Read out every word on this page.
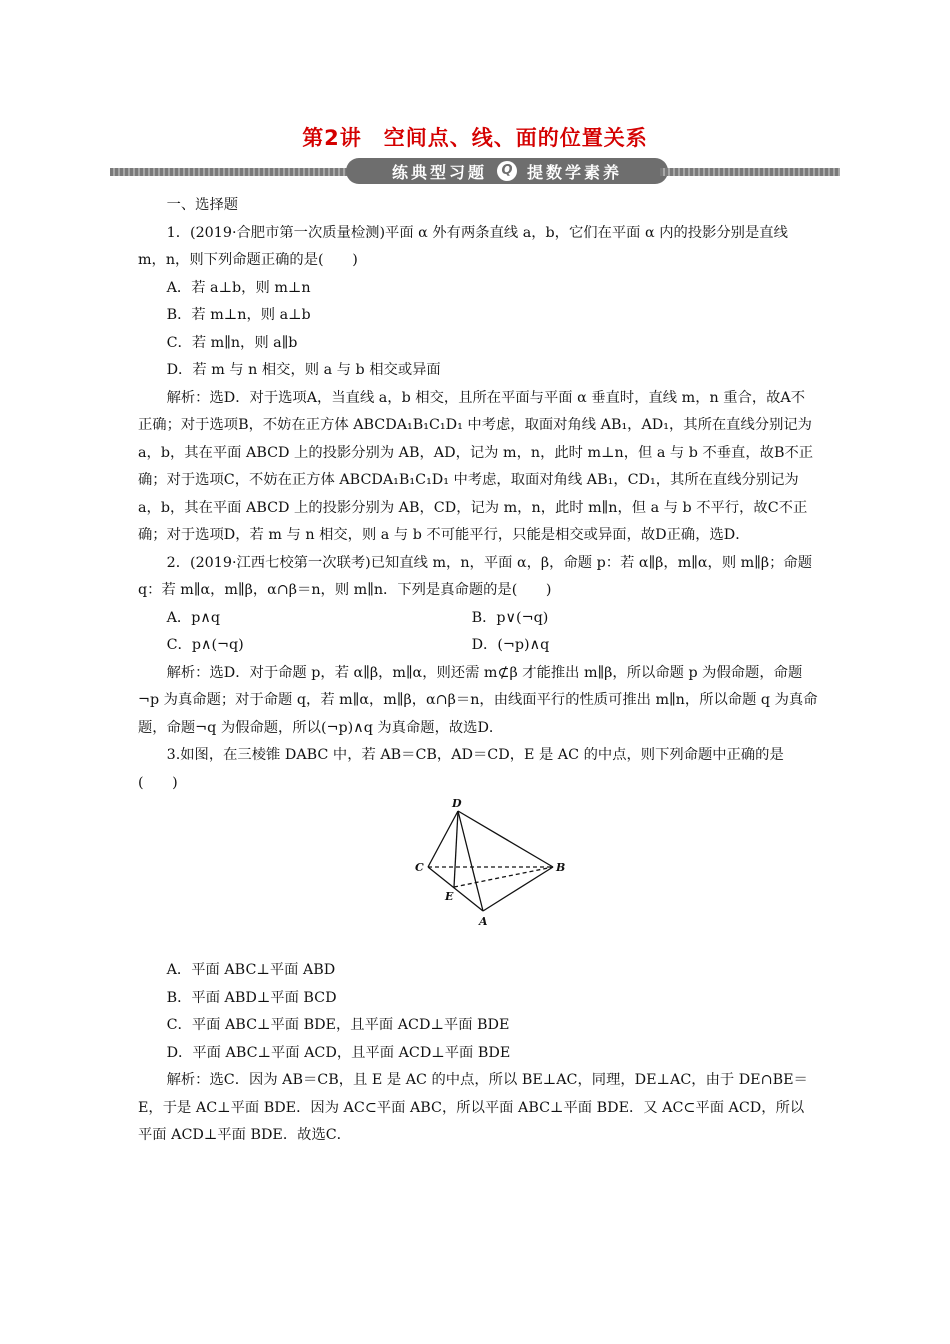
第2讲　空间点、线、面的位置关系
练典型习题	Q 提数学素养

一、选择题

1．(2019·合肥市第一次质量检测)平面 α 外有两条直线 a，b，它们在平面 α 内的投影分别是直线 m，n，则下列命题正确的是(　　)

A．若 a⊥b，则 m⊥n

B．若 m⊥n，则 a⊥b

C．若 m∥n，则 a∥b

D．若 m 与 n 相交，则 a 与 b 相交或异面

解析：选D．对于选项A，当直线 a，b 相交，且所在平面与平面 α 垂直时，直线 m，n 重合，故A不正确；对于选项B，不妨在正方体 ABCDA₁B₁C₁D₁ 中考虑，取面对角线 AB₁，AD₁，其所在直线分别记为 a，b，其在平面 ABCD 上的投影分别为 AB，AD，记为 m，n，此时 m⊥n，但 a 与 b 不垂直，故B不正确；对于选项C，不妨在正方体 ABCDA₁B₁C₁D₁ 中考虑，取面对角线 AB₁，CD₁，其所在直线分别记为 a，b，其在平面 ABCD 上的投影分别为 AB，CD，记为 m，n，此时 m∥n，但 a 与 b 不平行，故C不正确；对于选项D，若 m 与 n 相交，则 a 与 b 不可能平行，只能是相交或异面，故D正确，选D．

2．(2019·江西七校第一次联考)已知直线 m，n，平面 α，β，命题 p：若 α∥β，m∥α，则 m∥β；命题 q：若 m∥α，m∥β，α∩β＝n，则 m∥n．下列是真命题的是(　　)

A．p∧q	B．p∨(¬q)
C．p∧(¬q)	D．(¬p)∧q

解析：选D．对于命题 p，若 α∥β，m∥α，则还需 m⊄β 才能推出 m∥β，所以命题 p 为假命题，命题¬p 为真命题；对于命题 q，若 m∥α，m∥β，α∩β＝n，由线面平行的性质可推出 m∥n，所以命题 q 为真命题，命题¬q 为假命题，所以(¬p)∧q 为真命题，故选D．

3.如图，在三棱锥 DABC 中，若 AB＝CB，AD＝CD，E 是 AC 的中点，则下列命题中正确的是(　　)

D
C	B
E
A

A．平面 ABC⊥平面 ABD

B．平面 ABD⊥平面 BCD

C．平面 ABC⊥平面 BDE，且平面 ACD⊥平面 BDE

D．平面 ABC⊥平面 ACD，且平面 ACD⊥平面 BDE

解析：选C．因为 AB＝CB，且 E 是 AC 的中点，所以 BE⊥AC，同理，DE⊥AC，由于 DE∩BE＝E，于是 AC⊥平面 BDE．因为 AC⊂平面 ABC，所以平面 ABC⊥平面 BDE．又 AC⊂平面 ACD，所以平面 ACD⊥平面 BDE．故选C．
